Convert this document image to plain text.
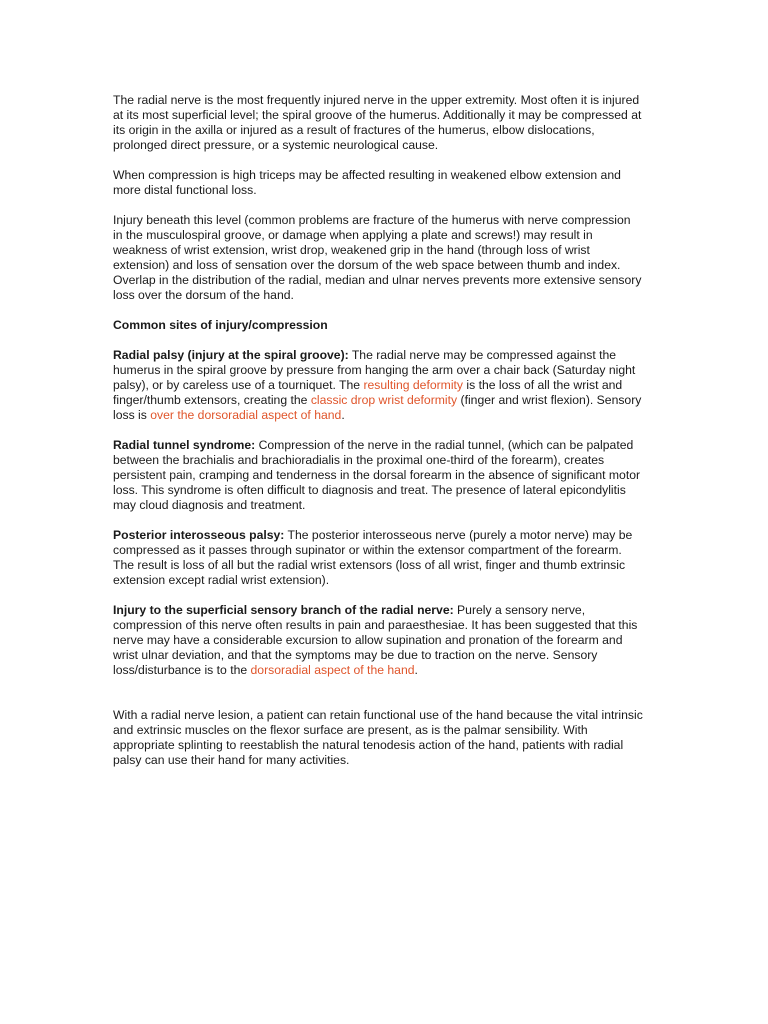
The radial nerve is the most frequently injured nerve in the upper extremity. Most often it is injured at its most superficial level; the spiral groove of the humerus. Additionally it may be compressed at its origin in the axilla or injured as a result of fractures of the humerus, elbow dislocations, prolonged direct pressure, or a systemic neurological cause.

When compression is high triceps may be affected resulting in weakened elbow extension and more distal functional loss.

Injury beneath this level (common problems are fracture of the humerus with nerve compression in the musculospiral groove, or damage when applying a plate and screws!) may result in weakness of wrist extension, wrist drop, weakened grip in the hand (through loss of wrist extension) and loss of sensation over the dorsum of the web space between thumb and index. Overlap in the distribution of the radial, median and ulnar nerves prevents more extensive sensory loss over the dorsum of the hand.

Common sites of injury/compression

Radial palsy (injury at the spiral groove): The radial nerve may be compressed against the humerus in the spiral groove by pressure from hanging the arm over a chair back (Saturday night palsy), or by careless use of a tourniquet. The resulting deformity is the loss of all the wrist and finger/thumb extensors, creating the classic drop wrist deformity (finger and wrist flexion). Sensory loss is over the dorsoradial aspect of hand.

Radial tunnel syndrome: Compression of the nerve in the radial tunnel, (which can be palpated between the brachialis and brachioradialis in the proximal one-third of the forearm), creates persistent pain, cramping and tenderness in the dorsal forearm in the absence of significant motor loss. This syndrome is often difficult to diagnosis and treat. The presence of lateral epicondylitis may cloud diagnosis and treatment.

Posterior interosseous palsy: The posterior interosseous nerve (purely a motor nerve) may be compressed as it passes through supinator or within the extensor compartment of the forearm. The result is loss of all but the radial wrist extensors (loss of all wrist, finger and thumb extrinsic extension except radial wrist extension).

Injury to the superficial sensory branch of the radial nerve: Purely a sensory nerve, compression of this nerve often results in pain and paraesthesiae. It has been suggested that this nerve may have a considerable excursion to allow supination and pronation of the forearm and wrist ulnar deviation, and that the symptoms may be due to traction on the nerve. Sensory loss/disturbance is to the dorsoradial aspect of the hand.

With a radial nerve lesion, a patient can retain functional use of the hand because the vital intrinsic and extrinsic muscles on the flexor surface are present, as is the palmar sensibility. With appropriate splinting to reestablish the natural tenodesis action of the hand, patients with radial palsy can use their hand for many activities.
